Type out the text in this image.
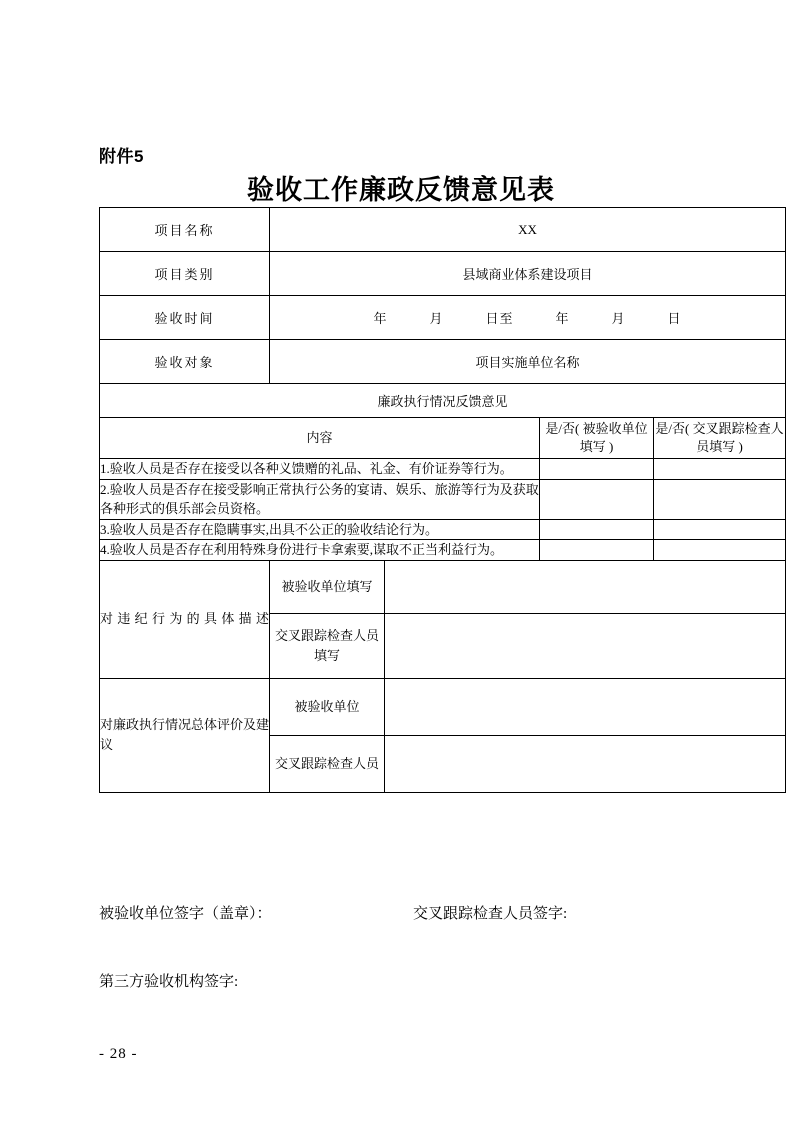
附件5
验收工作廉政反馈意见表
项目名称	XX			
项目类别	县域商业体系建设项目			
验收时间	年　　　月　　　日至　　　年　　　月　　　日			
验收对象	项目实施单位名称			
廉政执行情况反馈意见				
内容			是/否( 被验收单位填写 )	是/否( 交叉跟踪检查人员填写 )
1.验收人员是否存在接受以各种义馈赠的礼品、礼金、有价证券等行为。				
2.验收人员是否存在接受影响正常执行公务的宴请、娱乐、旅游等行为及获取各种形式的俱乐部会员资格。				
3.验收人员是否存在隐瞒事实,出具不公正的验收结论行为。				
4.验收人员是否存在利用特殊身份进行卡拿索要,谋取不正当利益行为。				
对违纪行为的具体描述	被验收单位填写			
	交叉跟踪检查人员填写			
对廉政执行情况总体评价及建议	被验收单位			
	交叉跟踪检查人员			
被验收单位签字（盖章）：	交叉跟踪检查人员签字:
第三方验收机构签字:
- 28 -
